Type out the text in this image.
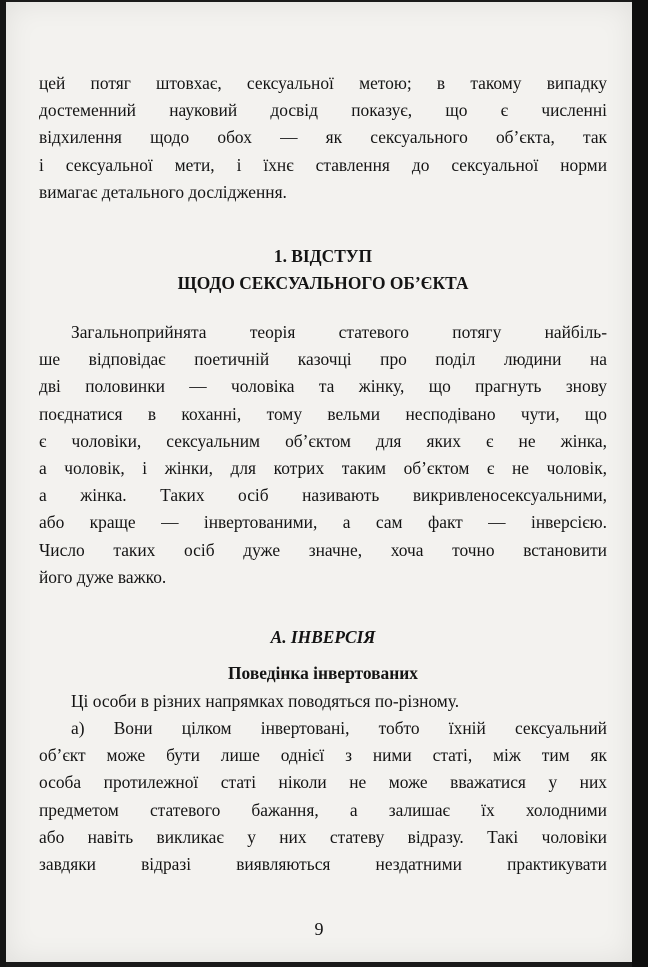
цей потяг штовхає, сексуальної метою; в такому випадку
достеменний науковий досвід показує, що є численні
відхилення щодо обох — як сексуального об’єкта, так
і сексуальної мети, і їхнє ставлення до сексуальної норми
вимагає детального дослідження.
1. ВІДСТУП
ЩОДО СЕКСУАЛЬНОГО ОБ’ЄКТА
Загальноприйнята теорія статевого потягу найбіль-
ше відповідає поетичній казочці про поділ людини на
дві половинки — чоловіка та жінку, що прагнуть знову
поєднатися в коханні, тому вельми несподівано чути, що
є чоловіки, сексуальним об’єктом для яких є не жінка,
а чоловік, і жінки, для котрих таким об’єктом є не чоловік,
а жінка. Таких осіб називають викривленосексуальними,
або краще — інвертованими, а сам факт — інверсією.
Число таких осіб дуже значне, хоча точно встановити
його дуже важко.
А. ІНВЕРСІЯ
Поведінка інвертованих
Ці особи в різних напрямках поводяться по-різному.
а) Вони цілком інвертовані, тобто їхній сексуальний
об’єкт може бути лише однієї з ними статі, між тим як
особа протилежної статі ніколи не може вважатися у них
предметом статевого бажання, а залишає їх холодними
або навіть викликає у них статеву відразу. Такі чоловіки
завдяки відразі виявляються нездатними практикувати
9
